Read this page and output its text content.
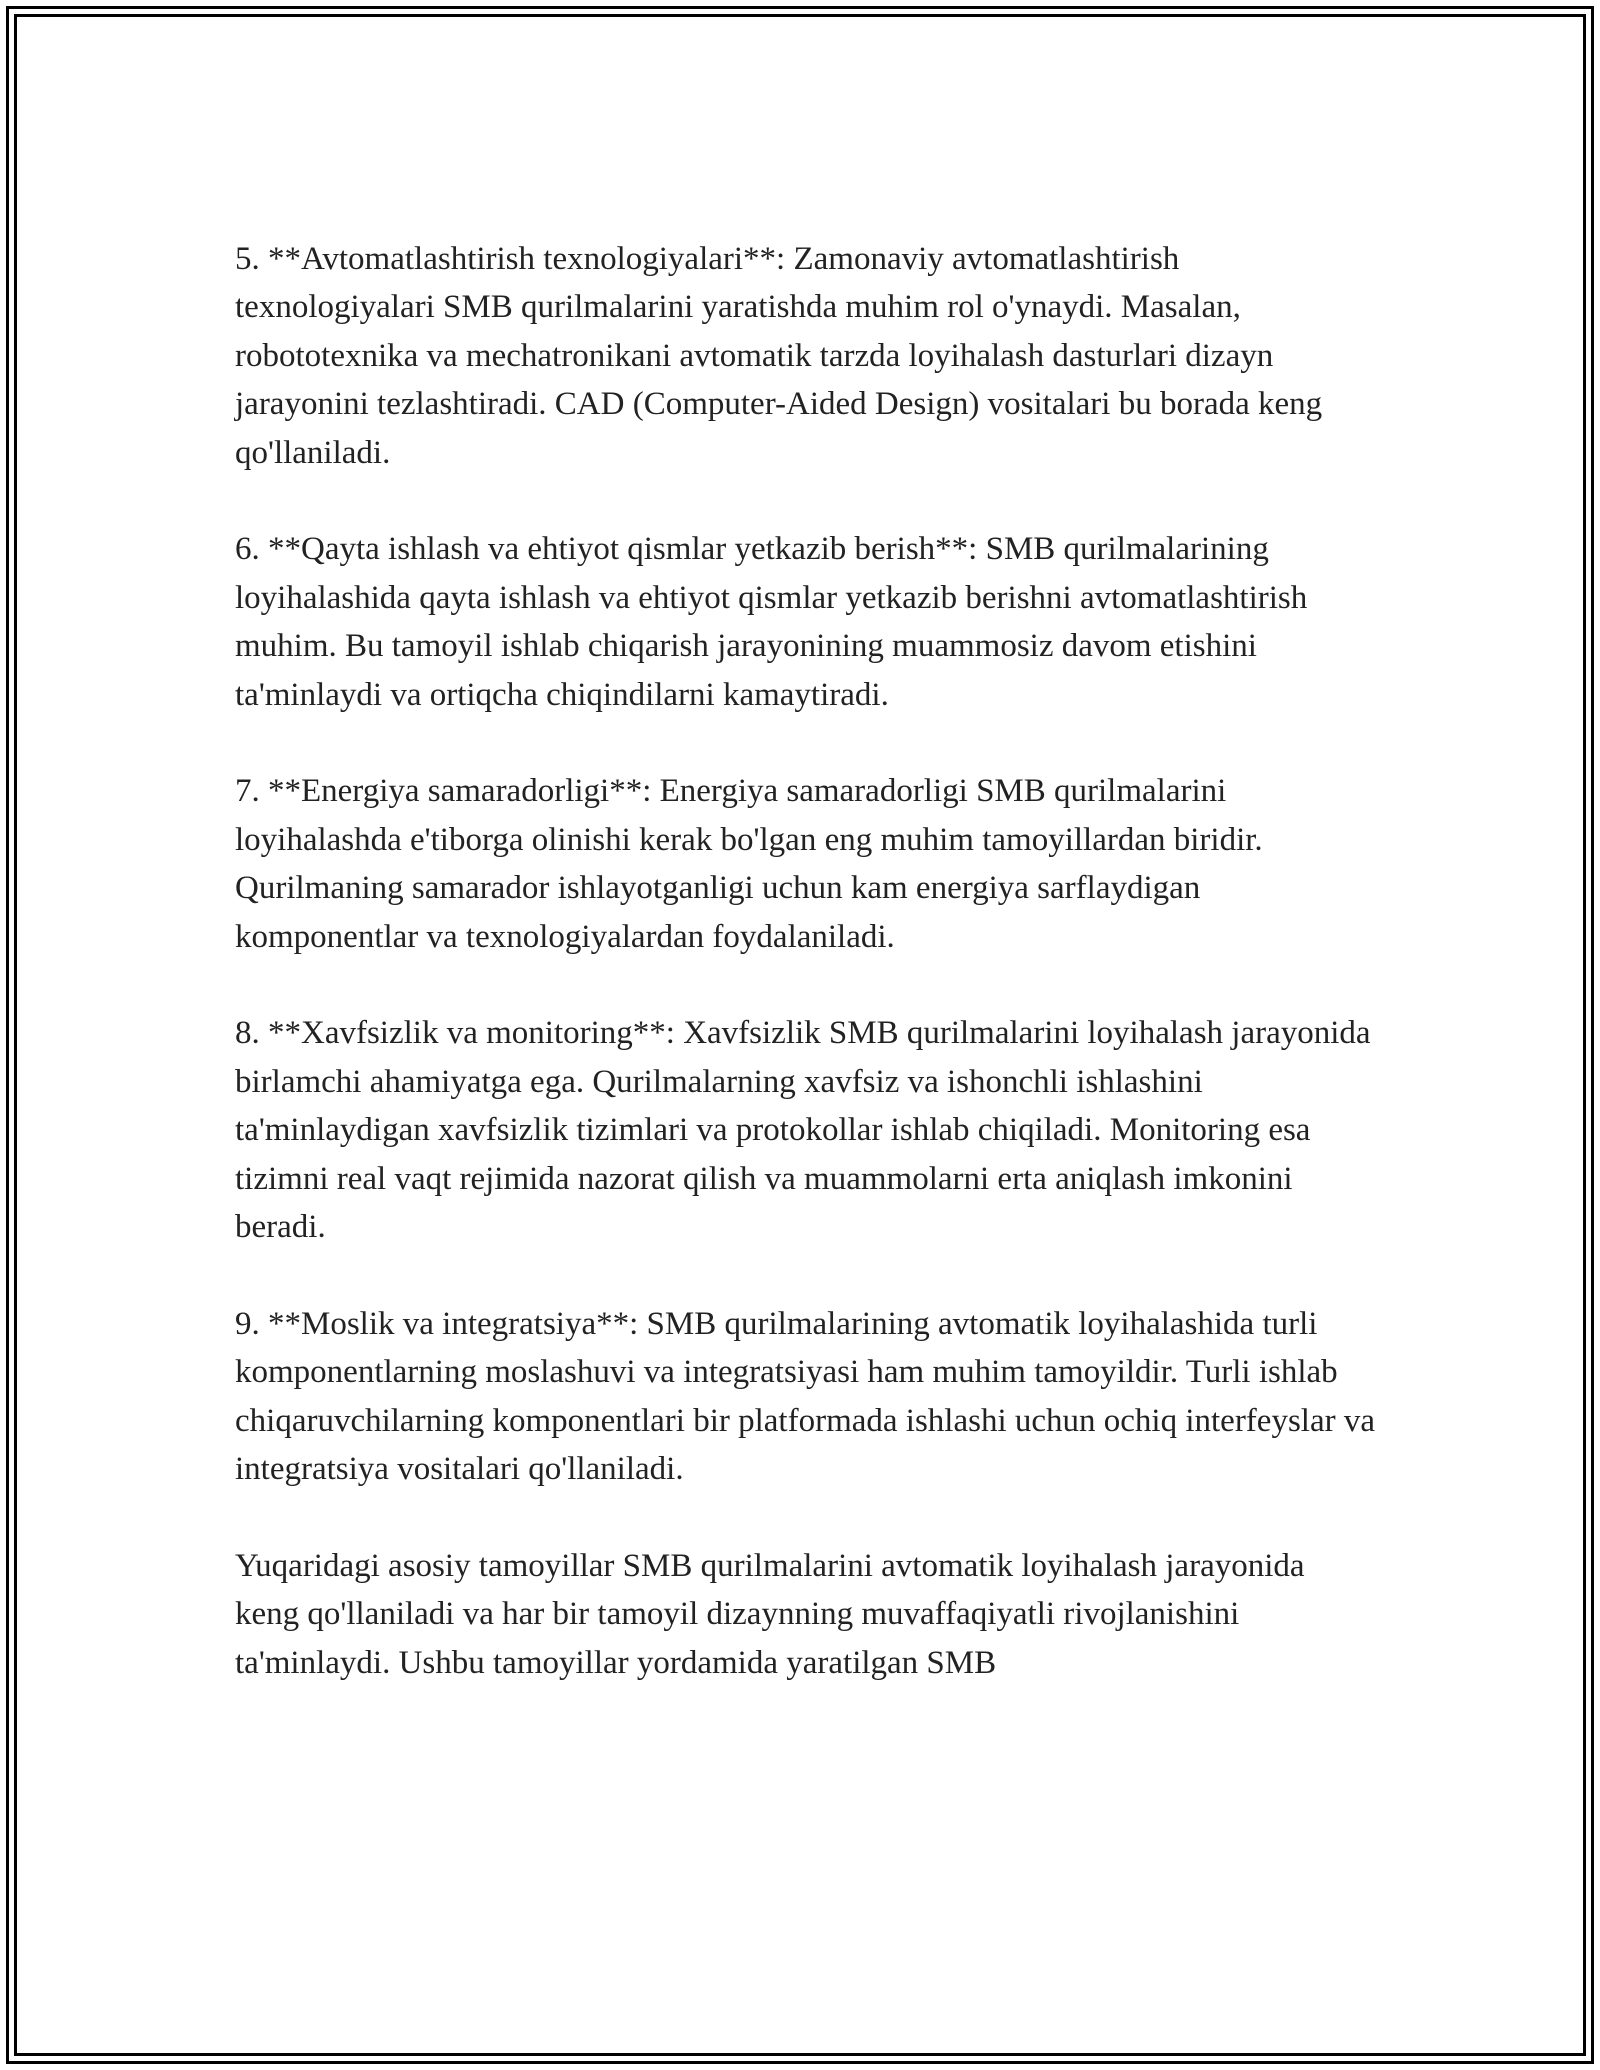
5. **Avtomatlashtirish texnologiyalari**: Zamonaviy avtomatlashtirish texnologiyalari SMB qurilmalarini yaratishda muhim rol o'ynaydi. Masalan, robototexnika va mechatronikani avtomatik tarzda loyihalash dasturlari dizayn jarayonini tezlashtiradi. CAD (Computer-Aided Design) vositalari bu borada keng qo'llaniladi.

6. **Qayta ishlash va ehtiyot qismlar yetkazib berish**: SMB qurilmalarining loyihalashida qayta ishlash va ehtiyot qismlar yetkazib berishni avtomatlashtirish muhim. Bu tamoyil ishlab chiqarish jarayonining muammosiz davom etishini ta'minlaydi va ortiqcha chiqindilarni kamaytiradi.

7. **Energiya samaradorligi**: Energiya samaradorligi SMB qurilmalarini loyihalashda e'tiborga olinishi kerak bo'lgan eng muhim tamoyillardan biridir. Qurilmaning samarador ishlayotganligi uchun kam energiya sarflaydigan komponentlar va texnologiyalardan foydalaniladi.

8. **Xavfsizlik va monitoring**: Xavfsizlik SMB qurilmalarini loyihalash jarayonida birlamchi ahamiyatga ega. Qurilmalarning xavfsiz va ishonchli ishlashini ta'minlaydigan xavfsizlik tizimlari va protokollar ishlab chiqiladi. Monitoring esa tizimni real vaqt rejimida nazorat qilish va muammolarni erta aniqlash imkonini beradi.

9. **Moslik va integratsiya**: SMB qurilmalarining avtomatik loyihalashida turli komponentlarning moslashuvi va integratsiyasi ham muhim tamoyildir. Turli ishlab chiqaruvchilarning komponentlari bir platformada ishlashi uchun ochiq interfeyslar va integratsiya vositalari qo'llaniladi.

Yuqaridagi asosiy tamoyillar SMB qurilmalarini avtomatik loyihalash jarayonida keng qo'llaniladi va har bir tamoyil dizaynning muvaffaqiyatli rivojlanishini ta'minlaydi. Ushbu tamoyillar yordamida yaratilgan SMB
